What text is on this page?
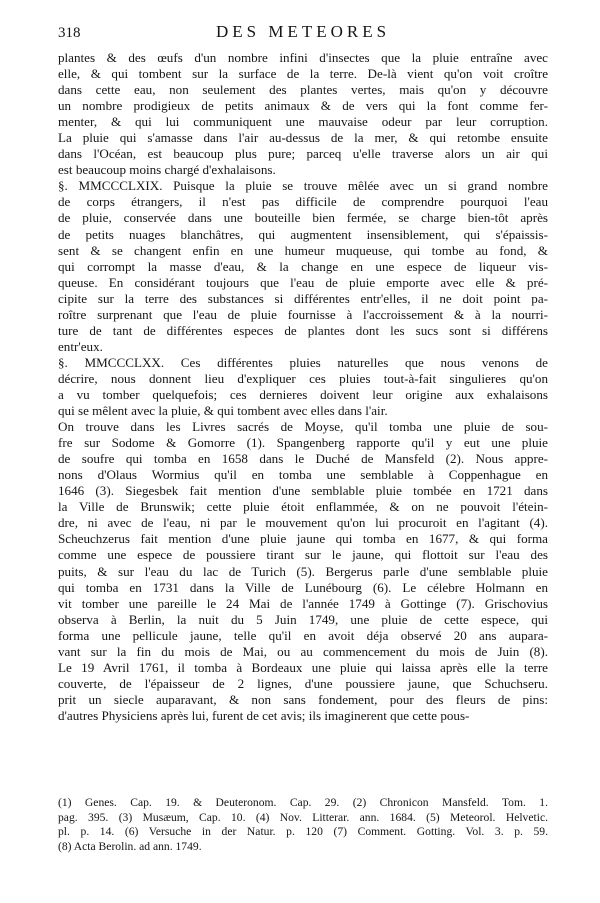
318	DES METEORES
plantes & des œufs d'un nombre infini d'insectes que la pluie entraîne avec
elle, & qui tombent sur la surface de la terre. De-là vient qu'on voit croître
dans cette eau, non seulement des plantes vertes, mais qu'on y découvre
un nombre prodigieux de petits animaux & de vers qui la font comme fer-
menter, & qui lui communiquent une mauvaise odeur par leur corruption.
La pluie qui s'amasse dans l'air au-dessus de la mer, & qui retombe ensuite
dans l'Océan, est beaucoup plus pure; parceq u'elle traverse alors un air qui
est beaucoup moins chargé d'exhalaisons.
§. MMCCCLXIX. Puisque la pluie se trouve mêlée avec un si grand nombre
de corps étrangers, il n'est pas difficile de comprendre pourquoi l'eau
de pluie, conservée dans une bouteille bien fermée, se charge bien-tôt après
de petits nuages blanchâtres, qui augmentent insensiblement, qui s'épaissis-
sent & se changent enfin en une humeur muqueuse, qui tombe au fond, &
qui corrompt la masse d'eau, & la change en une espece de liqueur vis-
queuse. En considérant toujours que l'eau de pluie emporte avec elle & pré-
cipite sur la terre des substances si différentes entr'elles, il ne doit point pa-
roître surprenant que l'eau de pluie fournisse à l'accroissement & à la nourri-
ture de tant de différentes especes de plantes dont les sucs sont si différens
entr'eux.
§. MMCCCLXX. Ces différentes pluies naturelles que nous venons de
décrire, nous donnent lieu d'expliquer ces pluies tout-à-fait singulieres qu'on
a vu tomber quelquefois; ces dernieres doivent leur origine aux exhalaisons
qui se mêlent avec la pluie, & qui tombent avec elles dans l'air.
On trouve dans les Livres sacrés de Moyse, qu'il tomba une pluie de sou-
fre sur Sodome & Gomorre (1). Spangenberg rapporte qu'il y eut une pluie
de soufre qui tomba en 1658 dans le Duché de Mansfeld (2). Nous appre-
nons d'Olaus Wormius qu'il en tomba une semblable à Coppenhague en
1646 (3). Siegesbek fait mention d'une semblable pluie tombée en 1721 dans
la Ville de Brunswik; cette pluie étoit enflammée, & on ne pouvoit l'étein-
dre, ni avec de l'eau, ni par le mouvement qu'on lui procuroit en l'agitant (4).
Scheuchzerus fait mention d'une pluie jaune qui tomba en 1677, & qui forma
comme une espece de poussiere tirant sur le jaune, qui flottoit sur l'eau des
puits, & sur l'eau du lac de Turich (5). Bergerus parle d'une semblable pluie
qui tomba en 1731 dans la Ville de Lunébourg (6). Le célebre Holmann en
vit tomber une pareille le 24 Mai de l'année 1749 à Gottinge (7). Grischovius
observa à Berlin, la nuit du 5 Juin 1749, une pluie de cette espece, qui
forma une pellicule jaune, telle qu'il en avoit déja observé 20 ans aupara-
vant sur la fin du mois de Mai, ou au commencement du mois de Juin (8).
Le 19 Avril 1761, il tomba à Bordeaux une pluie qui laissa après elle la terre
couverte, de l'épaisseur de 2 lignes, d'une poussiere jaune, que Schuchseru.
prit un siecle auparavant, & non sans fondement, pour des fleurs de pins:
d'autres Physiciens après lui, furent de cet avis; ils imaginerent que cette pous-
(1) Genes. Cap. 19. & Deuteronom. Cap. 29. (2) Chronicon Mansfeld. Tom. 1.
pag. 395. (3) Musæum, Cap. 10. (4) Nov. Litterar. ann. 1684. (5) Meteorol. Helvetic.
pl. p. 14. (6) Versuche in der Natur. p. 120 (7) Comment. Gotting. Vol. 3. p. 59.
(8) Acta Berolin. ad ann. 1749.
